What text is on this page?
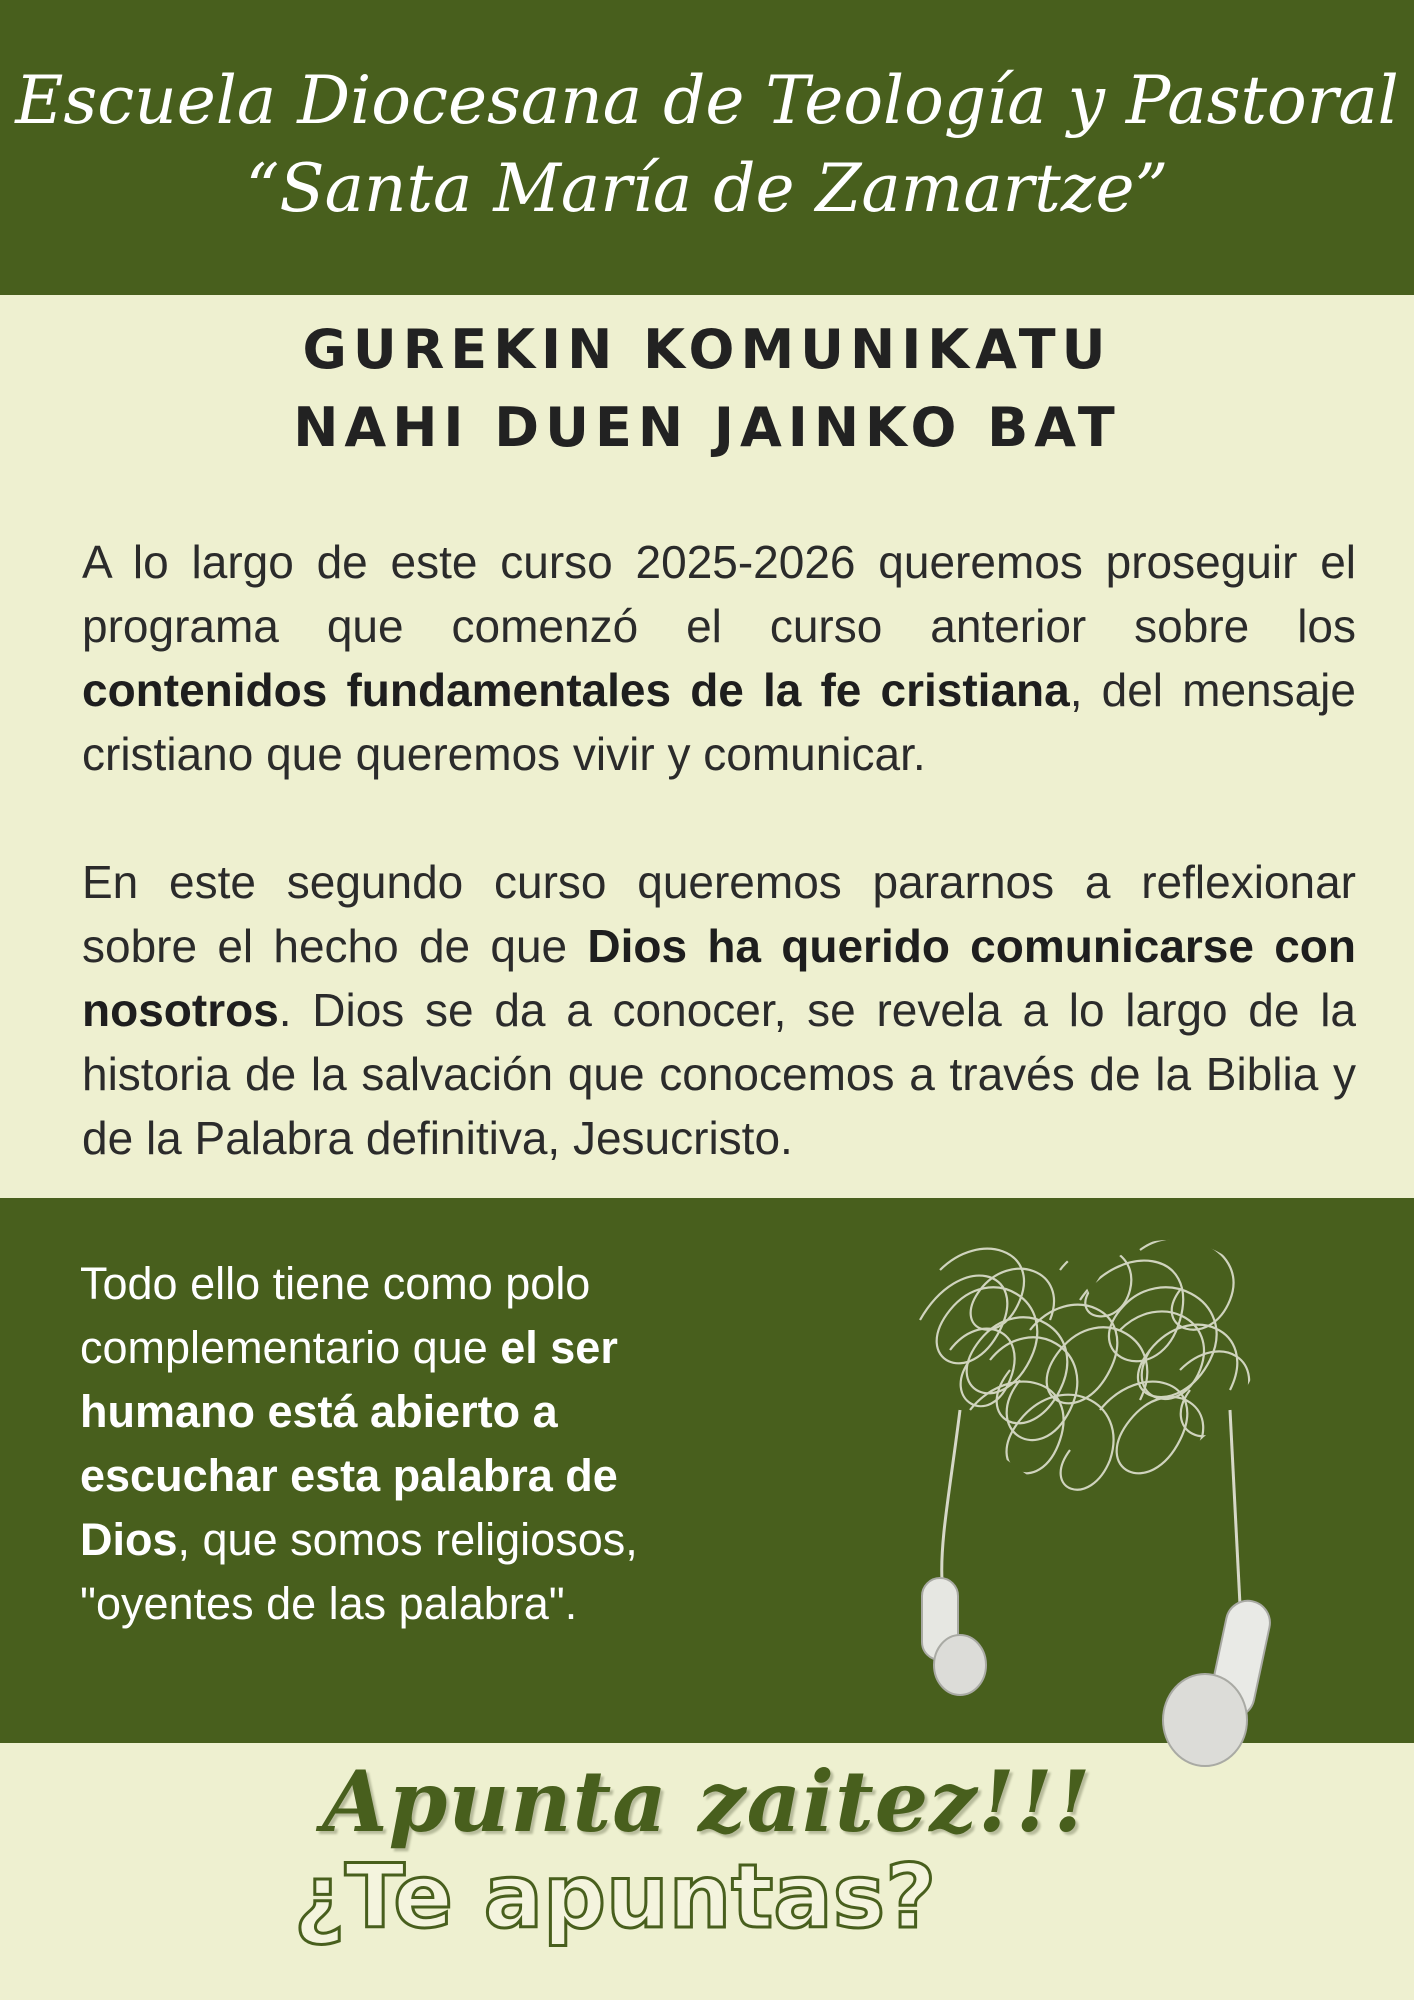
Escuela Diocesana de Teología y Pastoral
“Santa María de Zamartze”
GUREKIN KOMUNIKATU
NAHI DUEN JAINKO BAT

A lo largo de este curso 2025-2026 queremos proseguir el programa que comenzó el curso anterior sobre los contenidos fundamentales de la fe cristiana, del mensaje cristiano que queremos vivir y comunicar.

En este segundo curso queremos pararnos a reflexionar sobre el hecho de que Dios ha querido comunicarse con nosotros. Dios se da a conocer, se revela a lo largo de la historia de la salvación que conocemos a través de la Biblia y de la Palabra definitiva, Jesucristo.

Todo ello tiene como polo complementario que el ser humano está abierto a escuchar esta palabra de Dios, que somos religiosos, "oyentes de las palabra".

Apunta zaitez!!!
¿Te apuntas?
